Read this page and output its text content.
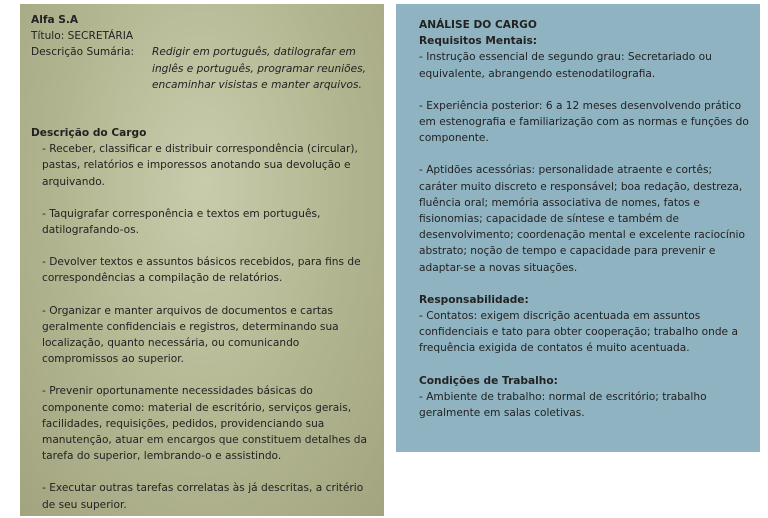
Alfa S.A

Título: SECRETÁRIA

Descrição Sumária:	Redigir em português, datilografar em inglês e português, programar reuniões, encaminhar visistas e manter arquivos.

Descrição do Cargo

- Receber, classificar e distribuir correspondência (circular), pastas, relatórios e imporessos anotando sua devolução e arquivando.

- Taquigrafar corresponência e textos em português, datilografando-os.

- Devolver textos e assuntos básicos recebidos, para fins de correspondências a compilação de relatórios.

- Organizar e manter arquivos de documentos e cartas geralmente confidenciais e registros, determinando sua localização, quanto necessária, ou comunicando compromissos ao superior.

- Prevenir oportunamente necessidades básicas do componente como: material de escritório, serviços gerais, facilidades, requisições, pedidos, providenciando sua manutenção, atuar em encargos que constituem detalhes da tarefa do superior, lembrando-o e assistindo.

- Executar outras tarefas correlatas às já descritas, a critério de seu superior.

ANÁLISE DO CARGO

Requisitos Mentais:

- Instrução essencial de segundo grau: Secretariado ou equivalente, abrangendo estenodatilografia.

- Experiência posterior: 6 a 12 meses desenvolvendo prático em estenografia e familiarização com as normas e funções do componente.

- Aptidões acessórias: personalidade atraente e cortês; caráter muito discreto e responsável; boa redação, destreza, fluência oral; memória associativa de nomes, fatos e fisionomias; capacidade de síntese e também de desenvolvimento; coordenação mental e excelente raciocínio abstrato; noção de tempo e capacidade para prevenir e adaptar-se a novas situações.

Responsabilidade:

- Contatos: exigem discrição acentuada em assuntos confidenciais e tato para obter cooperação; trabalho onde a frequência exigida de contatos é muito acentuada.

Condições de Trabalho:

- Ambiente de trabalho: normal de escritório; trabalho geralmente em salas coletivas.
